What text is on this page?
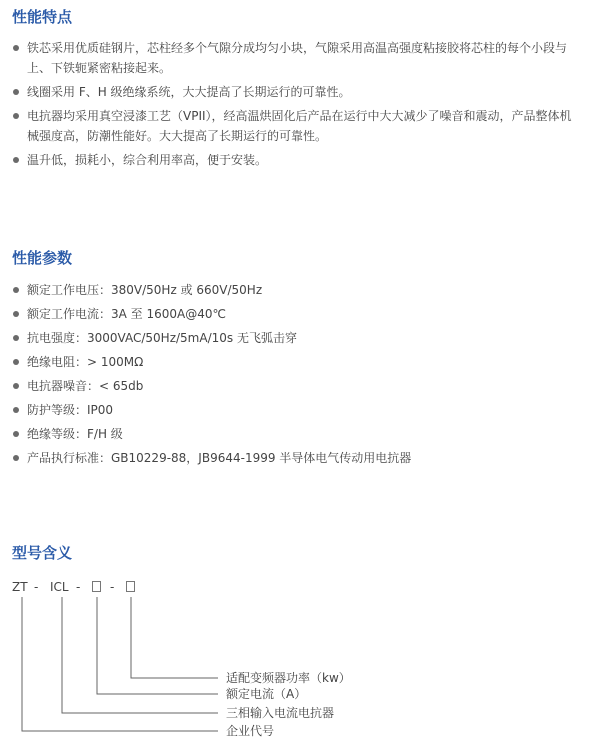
性能特点
铁芯采用优质硅钢片，芯柱经多个气隙分成均匀小块，气隙采用高温高强度粘接胶将芯柱的每个小段与上、下铁轭紧密粘接起来。
线圈采用 F、H 级绝缘系统，大大提高了长期运行的可靠性。
电抗器均采用真空浸漆工艺（VPII），经高温烘固化后产品在运行中大大减少了噪音和震动，产品整体机械强度高，防潮性能好。大大提高了长期运行的可靠性。
温升低，损耗小，综合利用率高，便于安装。
性能参数
额定工作电压：380V/50Hz 或 660V/50Hz
额定工作电流：3A 至 1600A@40℃
抗电强度：3000VAC/50Hz/5mA/10s 无飞弧击穿
绝缘电阻：> 100MΩ
电抗器噪音：< 65db
防护等级：IP00
绝缘等级：F/H 级
产品执行标准：GB10229-88，JB9644-1999 半导体电气传动用电抗器
型号含义
ZT - ICL - -
适配变频器功率（kw）
额定电流（A）
三相输入电流电抗器
企业代号
